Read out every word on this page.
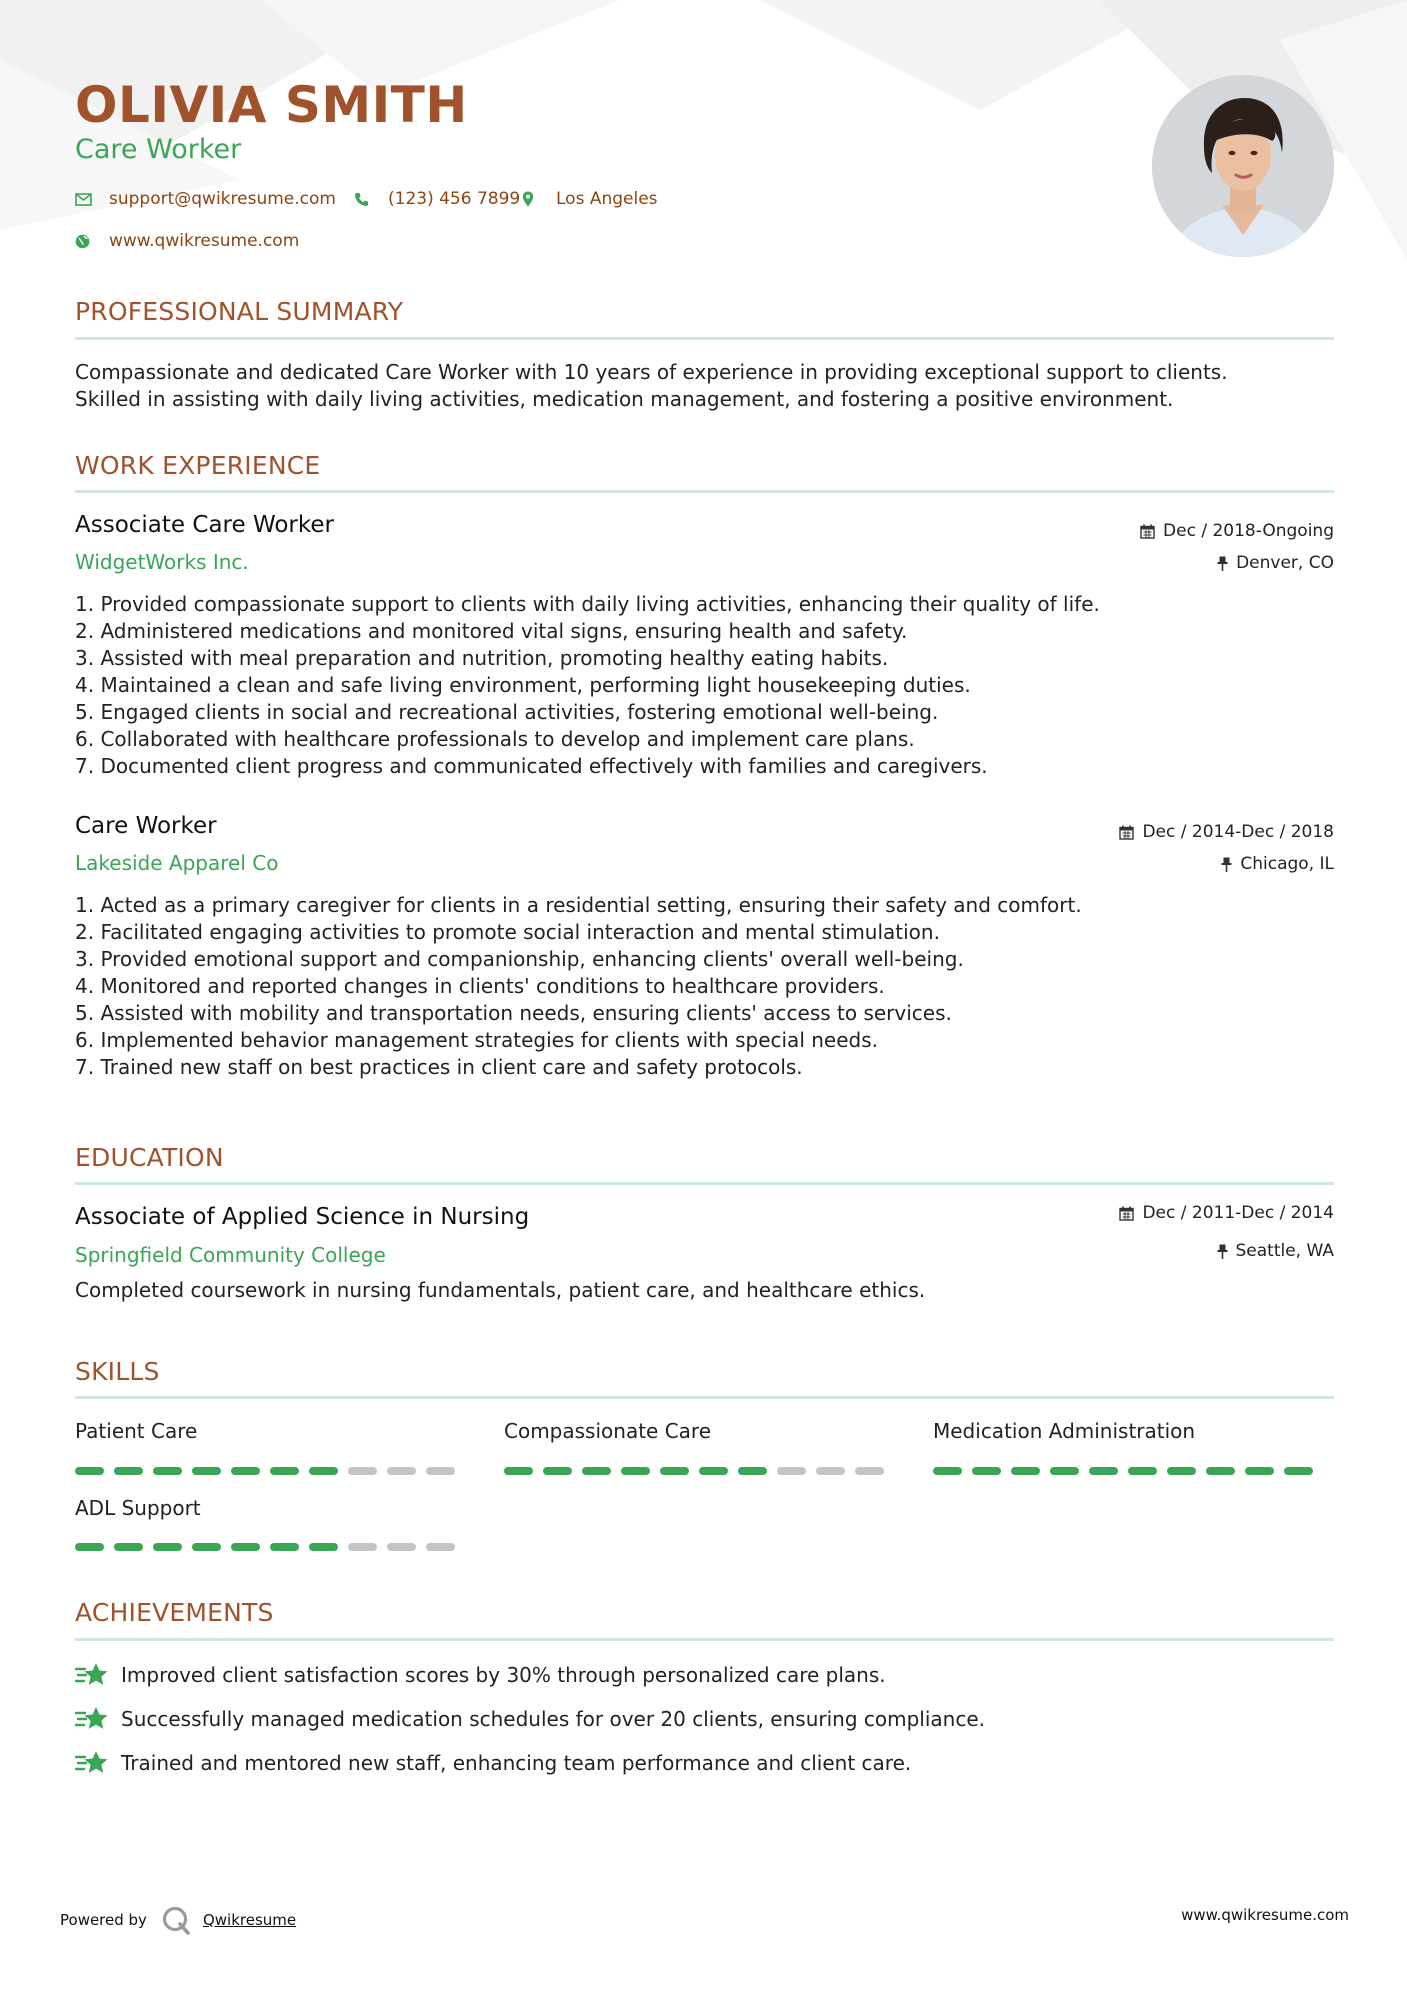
OLIVIA SMITH
Care Worker
support@qwikresume.com	(123) 456 7899 Los Angeles
www.qwikresume.com
PROFESSIONAL SUMMARY
Compassionate and dedicated Care Worker with 10 years of experience in providing exceptional support to clients.
Skilled in assisting with daily living activities, medication management, and fostering a positive environment.
WORK EXPERIENCE
Associate Care Worker
WidgetWorks Inc.
Dec / 2018-Ongoing
Denver, CO
1. Provided compassionate support to clients with daily living activities, enhancing their quality of life.
2. Administered medications and monitored vital signs, ensuring health and safety.
3. Assisted with meal preparation and nutrition, promoting healthy eating habits.
4. Maintained a clean and safe living environment, performing light housekeeping duties.
5. Engaged clients in social and recreational activities, fostering emotional well-being.
6. Collaborated with healthcare professionals to develop and implement care plans.
7. Documented client progress and communicated effectively with families and caregivers.
Care Worker
Lakeside Apparel Co
Dec / 2014-Dec / 2018
Chicago, IL
1. Acted as a primary caregiver for clients in a residential setting, ensuring their safety and comfort.
2. Facilitated engaging activities to promote social interaction and mental stimulation.
3. Provided emotional support and companionship, enhancing clients' overall well-being.
4. Monitored and reported changes in clients' conditions to healthcare providers.
5. Assisted with mobility and transportation needs, ensuring clients' access to services.
6. Implemented behavior management strategies for clients with special needs.
7. Trained new staff on best practices in client care and safety protocols.
EDUCATION
Associate of Applied Science in Nursing
Springfield Community College
Dec / 2011-Dec / 2014
Seattle, WA
Completed coursework in nursing fundamentals, patient care, and healthcare ethics.
SKILLS
Patient Care	Compassionate Care	Medication Administration
ADL Support
ACHIEVEMENTS
Improved client satisfaction scores by 30% through personalized care plans.
Successfully managed medication schedules for over 20 clients, ensuring compliance.
Trained and mentored new staff, enhancing team performance and client care.
Powered by	Qwikresume	www.qwikresume.com
